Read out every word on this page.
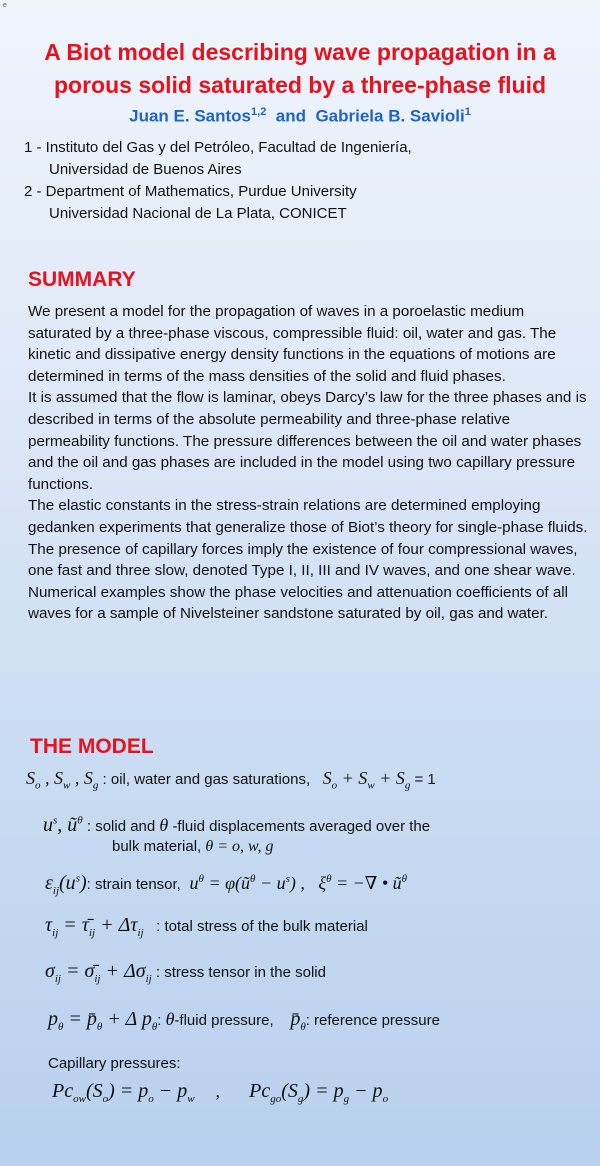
e
A Biot model describing wave propagation in a
porous solid saturated by a three-phase fluid
Juan E. Santos$^{1,2}$ and Gabriela B. Savioli$^1$
1 - Instituto del Gas y del Petróleo, Facultad de Ingeniería,
Universidad de Buenos Aires
2 - Department of Mathematics, Purdue University
Universidad Nacional de La Plata, CONICET
SUMMARY

We present a model for the propagation of waves in a poroelastic medium saturated by a three-phase viscous, compressible fluid: oil, water and gas. The kinetic and dissipative energy density functions in the equations of motions are determined in terms of the mass densities of the solid and fluid phases.

It is assumed that the flow is laminar, obeys Darcy’s law for the three phases and is described in terms of the absolute permeability and three-phase relative permeability functions. The pressure differences between the oil and water phases and the oil and gas phases are included in the model using two capillary pressure functions.

The elastic constants in the stress-strain relations are determined employing gedanken experiments that generalize those of Biot’s theory for single-phase fluids.

The presence of capillary forces imply the existence of four compressional waves, one fast and three slow, denoted Type I, II, III and IV waves, and one shear wave.

Numerical examples show the phase velocities and attenuation coefficients of all waves for a sample of Nivelsteiner sandstone saturated by oil, gas and water.

THE MODEL
$S_o$ , $S_w$ , $S_g$ : oil, water and gas saturations, $S_o + S_w + S_g = 1$
$u^s$, $ũ^\theta$ : solid and θ -fluid displacements averaged over the
bulk material, θ = o, w, g
$\varepsilon_{ij}(u^s)$: strain tensor,  $u^\theta$ = $\varphi(ũ^\theta - u^s)$ ,   $\xi^\theta$ = −∇ • $ũ^\theta$
$\tau_{ij}$ = $\taū_{ij} + \Delta\tau_{ij}$ : total stress of the bulk material
$\sigma_{ij}$ = $\sigmā_{ij} + \Delta\sigma_{ij}$ : stress tensor in the solid
$p_\theta$ = $p̄_\theta + \Delta$ $p_\theta$: θ-fluid pressure, $p̄_\theta$: reference pressure
Capillary pressures:
$Pc_{ow}(S_o) = p_o - p_w$ , $Pc_{go}(S_g) = p_g - p_o$
